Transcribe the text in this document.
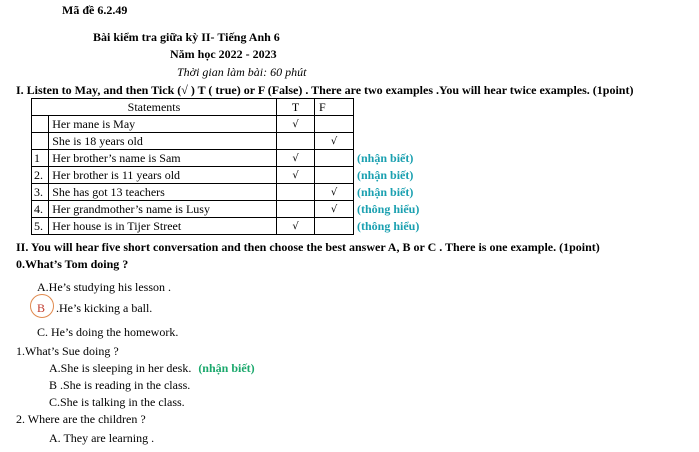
Mã đề 6.2.49
Bài kiểm tra giữa kỳ II- Tiếng Anh 6
Năm học 2022 - 2023
Thời gian làm bài: 60 phút
I. Listen to May, and then Tick (√ ) T ( true) or F (False) . There are two examples .You will hear twice examples. (1point)
Statements		T	F	
	Her mane is May	√		
	She is 18 years old		√	
1	Her brother’s name is Sam	√		(nhận biết)
2.	Her brother is 11 years old	√		(nhận biết)
3.	She has got 13 teachers		√	(nhận biết)
4.	Her grandmother’s name is Lusy		√	(thông hiểu)
5.	Her house is in Tijer Street	√		(thông hiểu)
II. You will hear five short conversation and then choose the best answer A, B or C . There is one example. (1point)
0.What’s Tom doing ?
A.He’s studying his lesson .
B .He’s kicking a ball.
C. He’s doing the homework.
1.What’s Sue doing ?
A.She is sleeping in her desk. (nhận biết)
B .She is reading in the class.
C.She is talking in the class.
2. Where are the children ?
A. They are learning .
